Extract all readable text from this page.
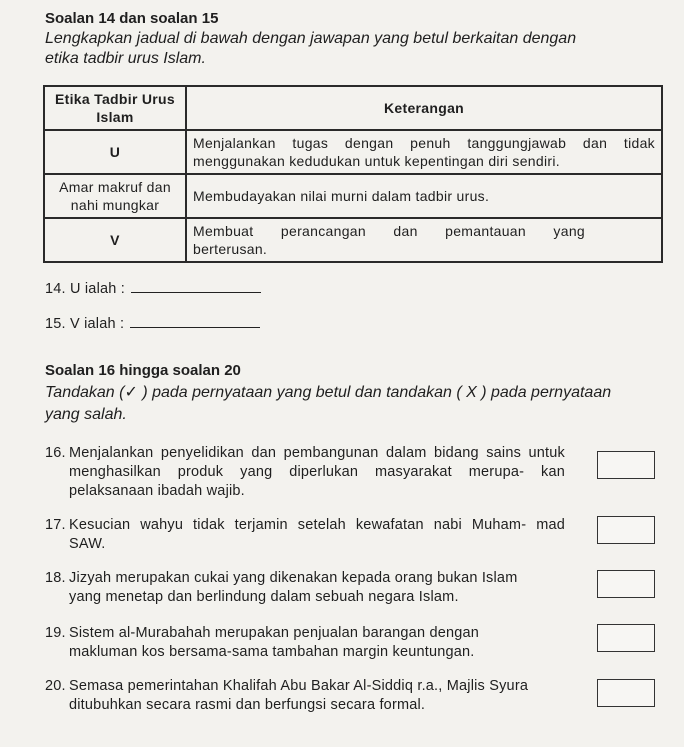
Soalan 14 dan soalan 15
Lengkapkan jadual di bawah dengan jawapan yang betul berkaitan dengan
etika tadbir urus Islam.
Etika Tadbir Urus Islam	Keterangan
U	Menjalankan tugas dengan penuh tanggungjawab dan tidak
menggunakan kedudukan untuk kepentingan diri sendiri.

Amar makruf dan nahi mungkar	Membudayakan nilai murni dalam tadbir urus.

V	Membuat perancangan dan pemantauan yang
berterusan.
14. U ialah :
15. V ialah :
Soalan 16 hingga soalan 20
Tandakan (✓ ) pada pernyataan yang betul dan tandakan ( X ) pada pernyataan
yang salah.
16. Menjalankan penyelidikan dan pembangunan dalam bidang sains untuk
menghasilkan produk yang diperlukan masyarakat merupa- kan
pelaksanaan ibadah wajib.
17. Kesucian wahyu tidak terjamin setelah kewafatan nabi Muham- mad
SAW.
18. Jizyah merupakan cukai yang dikenakan kepada orang bukan Islam
yang menetap dan berlindung dalam sebuah negara Islam.
19. Sistem al-Murabahah merupakan penjualan barangan dengan
makluman kos bersama-sama tambahan margin keuntungan.
20. Semasa pemerintahan Khalifah Abu Bakar Al-Siddiq r.a., Majlis Syura
ditubuhkan secara rasmi dan berfungsi secara formal.
